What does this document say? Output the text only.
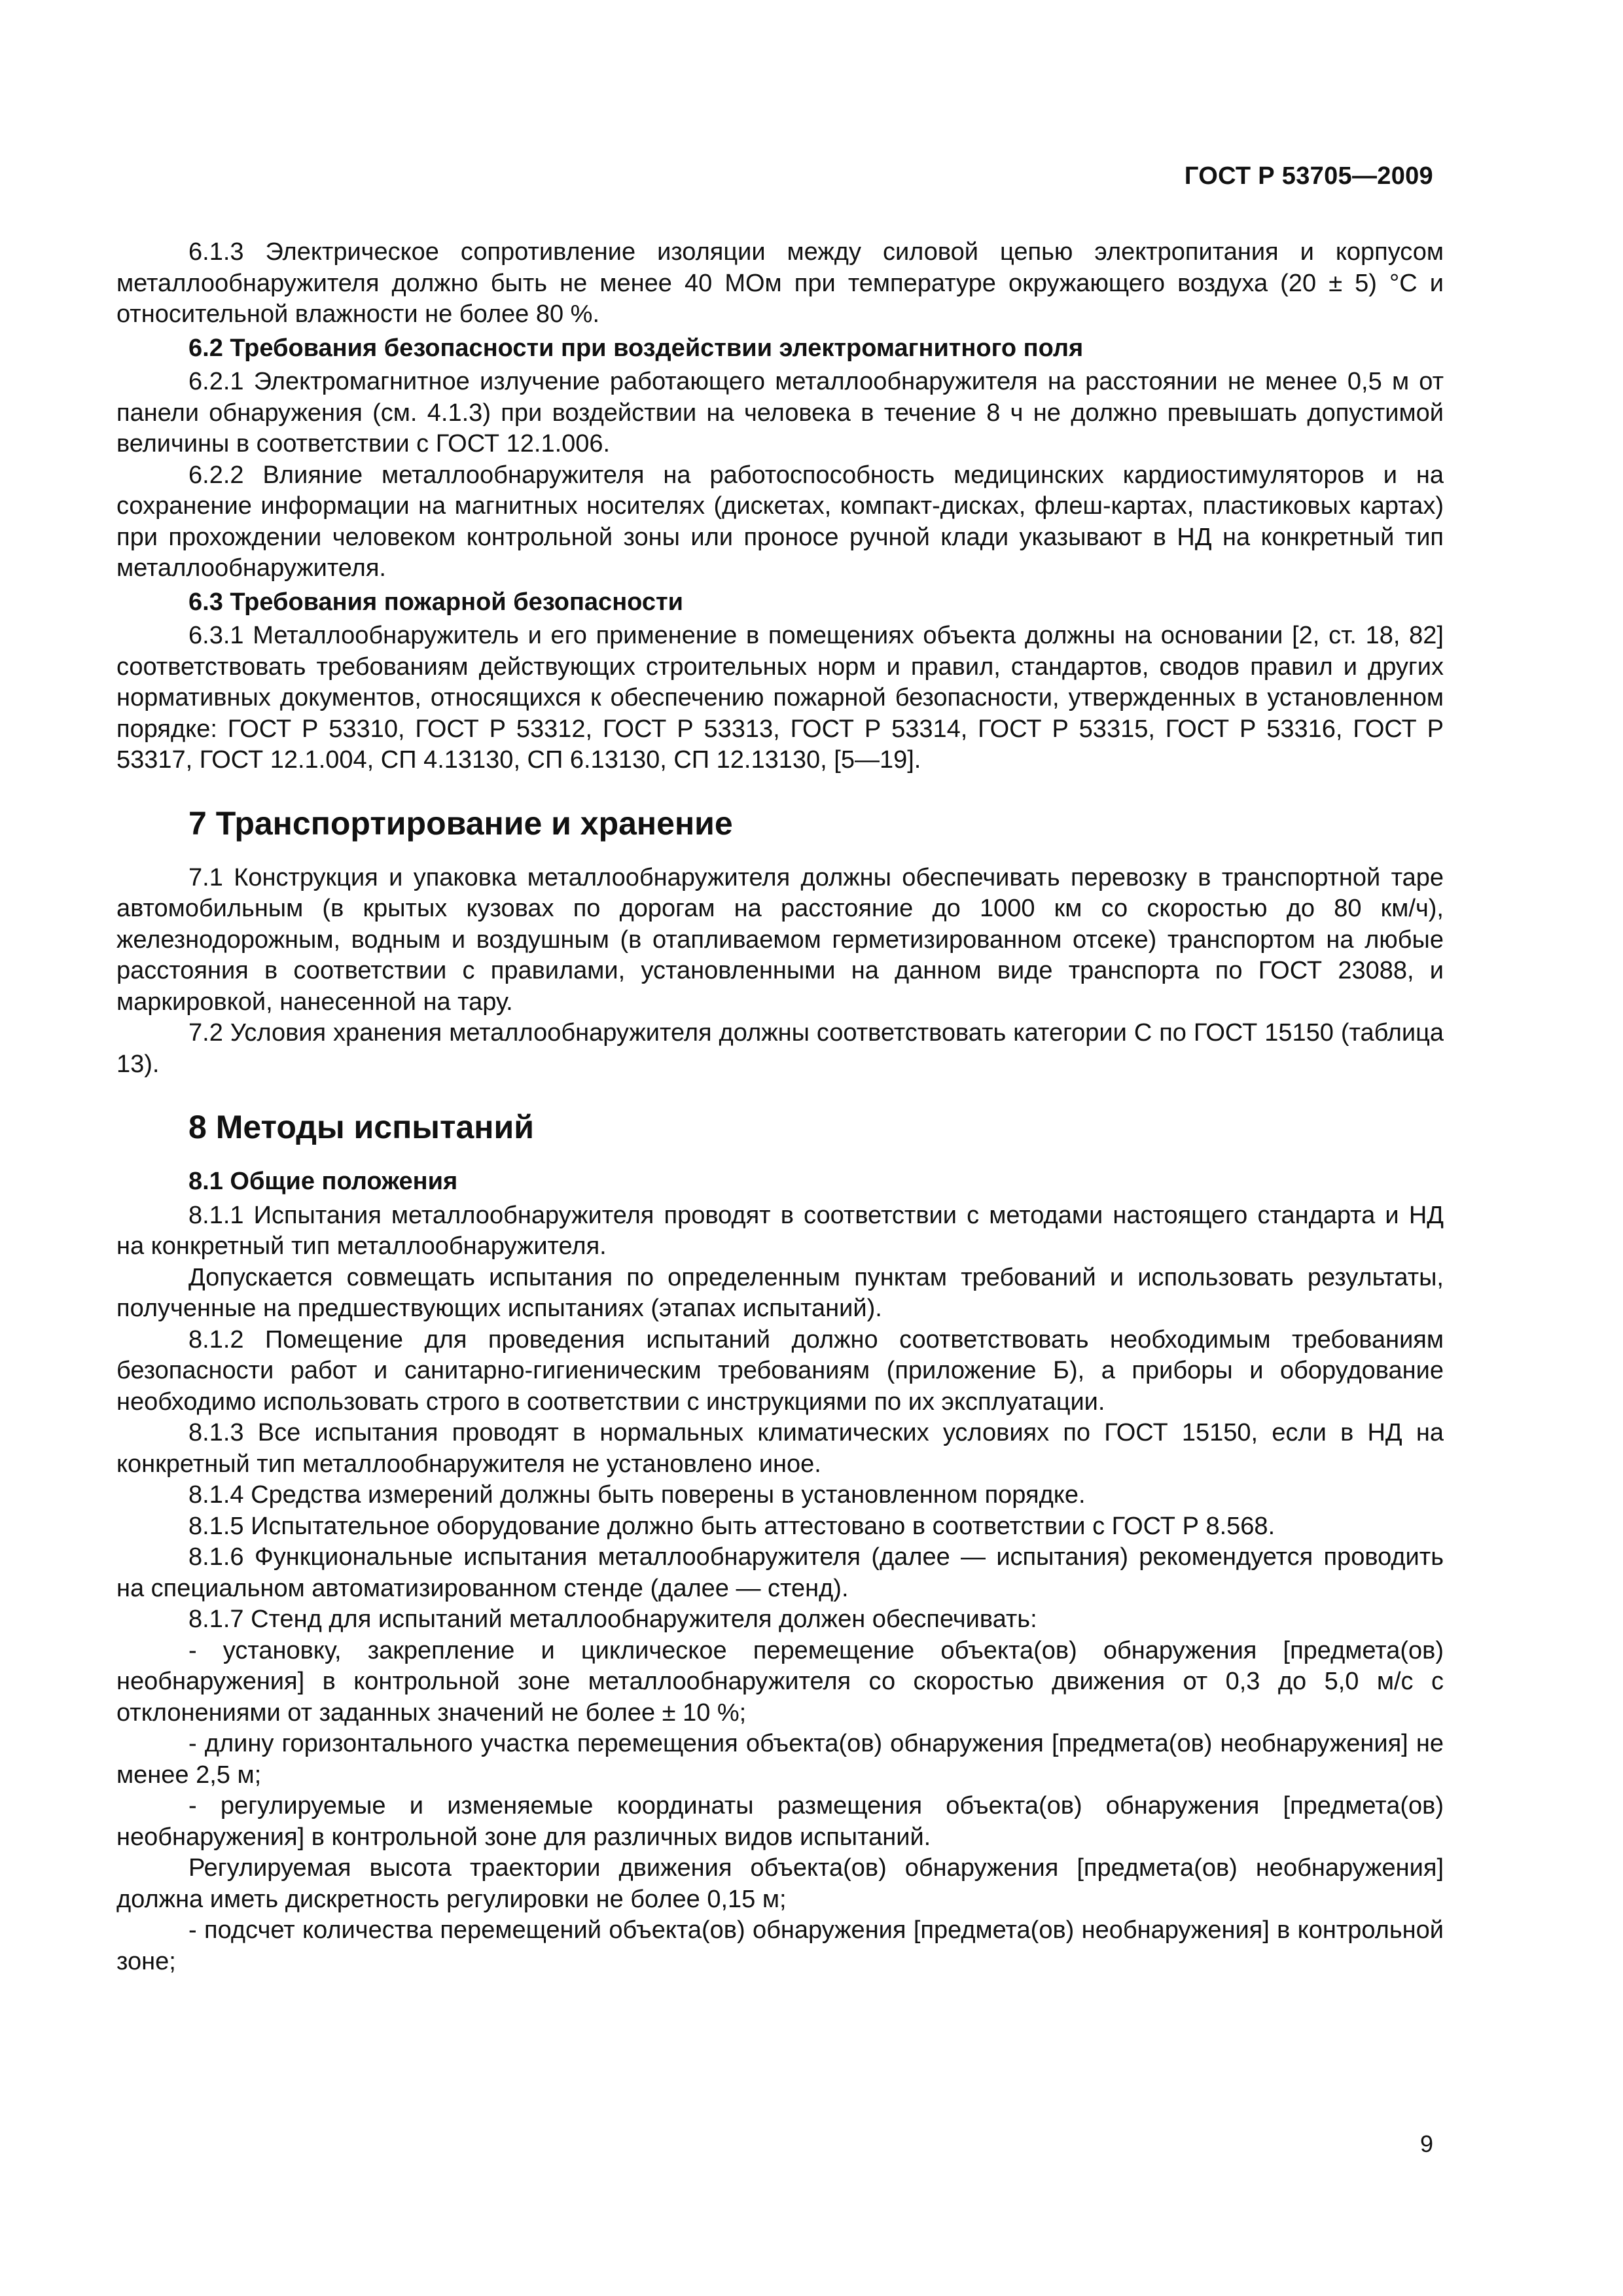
ГОСТ Р 53705—2009

6.1.3 Электрическое сопротивление изоляции между силовой цепью электропитания и корпусом металлообнаружителя должно быть не менее 40 МОм при температуре окружающего воздуха (20 ± 5) °С и относительной влажности не более 80 %.

6.2 Требования безопасности при воздействии электромагнитного поля

6.2.1 Электромагнитное излучение работающего металлообнаружителя на расстоянии не менее 0,5 м от панели обнаружения (см. 4.1.3) при воздействии на человека в течение 8 ч не должно превышать допустимой величины в соответствии с ГОСТ 12.1.006.

6.2.2 Влияние металлообнаружителя на работоспособность медицинских кардиостимуляторов и на сохранение информации на магнитных носителях (дискетах, компакт-дисках, флеш-картах, пластиковых картах) при прохождении человеком контрольной зоны или проносе ручной клади указывают в НД на конкретный тип металлообнаружителя.

6.3 Требования пожарной безопасности

6.3.1 Металлообнаружитель и его применение в помещениях объекта должны на основании [2, ст. 18, 82] соответствовать требованиям действующих строительных норм и правил, стандартов, сводов правил и других нормативных документов, относящихся к обеспечению пожарной безопасности, утвержденных в установленном порядке: ГОСТ Р 53310, ГОСТ Р 53312, ГОСТ Р 53313, ГОСТ Р 53314, ГОСТ Р 53315, ГОСТ Р 53316, ГОСТ Р 53317, ГОСТ 12.1.004, СП 4.13130, СП 6.13130, СП 12.13130, [5—19].

7 Транспортирование и хранение

7.1 Конструкция и упаковка металлообнаружителя должны обеспечивать перевозку в транспортной таре автомобильным (в крытых кузовах по дорогам на расстояние до 1000 км со скоростью до 80 км/ч), железнодорожным, водным и воздушным (в отапливаемом герметизированном отсеке) транспортом на любые расстояния в соответствии с правилами, установленными на данном виде транспорта по ГОСТ 23088, и маркировкой, нанесенной на тару.

7.2 Условия хранения металлообнаружителя должны соответствовать категории С по ГОСТ 15150 (таблица 13).

8 Методы испытаний

8.1 Общие положения

8.1.1 Испытания металлообнаружителя проводят в соответствии с методами настоящего стандарта и НД на конкретный тип металлообнаружителя.

Допускается совмещать испытания по определенным пунктам требований и использовать результаты, полученные на предшествующих испытаниях (этапах испытаний).

8.1.2 Помещение для проведения испытаний должно соответствовать необходимым требованиям безопасности работ и санитарно-гигиеническим требованиям (приложение Б), а приборы и оборудование необходимо использовать строго в соответствии с инструкциями по их эксплуатации.

8.1.3 Все испытания проводят в нормальных климатических условиях по ГОСТ 15150, если в НД на конкретный тип металлообнаружителя не установлено иное.

8.1.4 Средства измерений должны быть поверены в установленном порядке.

8.1.5 Испытательное оборудование должно быть аттестовано в соответствии с ГОСТ Р 8.568.

8.1.6 Функциональные испытания металлообнаружителя (далее — испытания) рекомендуется проводить на специальном автоматизированном стенде (далее — стенд).

8.1.7 Стенд для испытаний металлообнаружителя должен обеспечивать:

- установку, закрепление и циклическое перемещение объекта(ов) обнаружения [предмета(ов) необнаружения] в контрольной зоне металлообнаружителя со скоростью движения от 0,3 до 5,0 м/с с отклонениями от заданных значений не более ± 10 %;

- длину горизонтального участка перемещения объекта(ов) обнаружения [предмета(ов) необнаружения] не менее 2,5 м;

- регулируемые и изменяемые координаты размещения объекта(ов) обнаружения [предмета(ов) необнаружения] в контрольной зоне для различных видов испытаний.

Регулируемая высота траектории движения объекта(ов) обнаружения [предмета(ов) необнаружения] должна иметь дискретность регулировки не более 0,15 м;

- подсчет количества перемещений объекта(ов) обнаружения [предмета(ов) необнаружения] в контрольной зоне;

9
